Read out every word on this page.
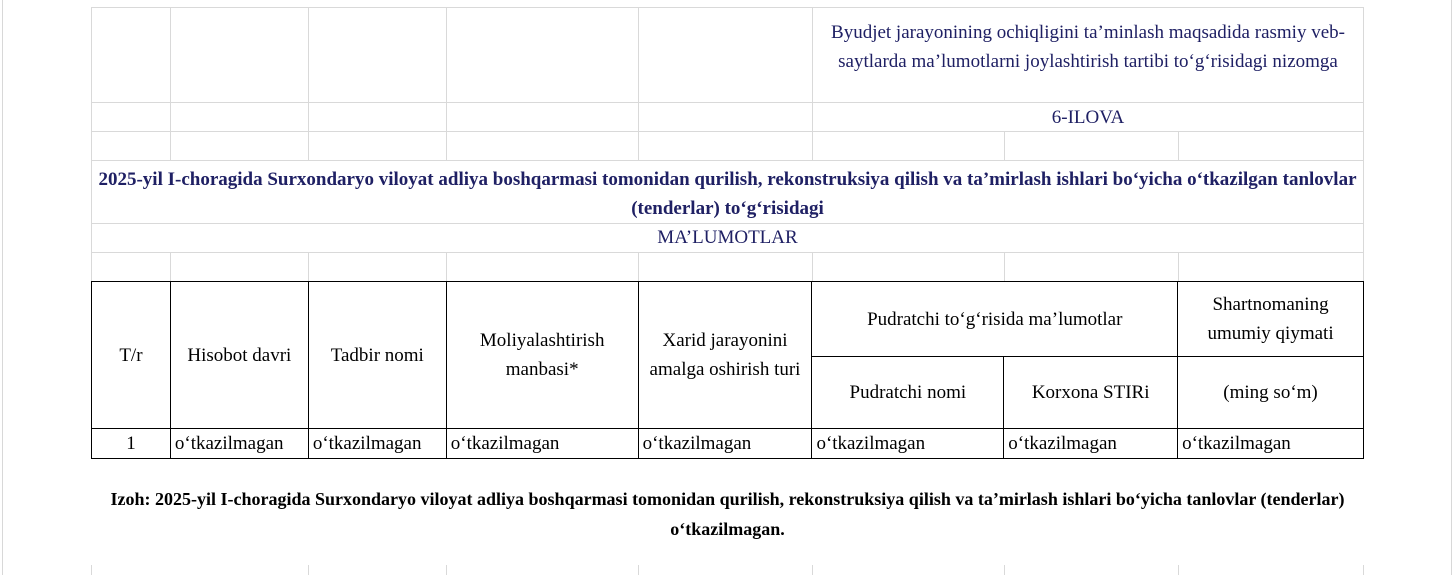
Byudjet jarayonining ochiqligini ta’minlash maqsadida rasmiy veb-saytlarda ma’lumotlarni joylashtirish tartibi to‘g‘risidagi nizomga
6-ILOVA
2025-yil I-choragida Surxondaryo viloyat adliya boshqarmasi tomonidan qurilish, rekonstruksiya qilish va ta’mirlash ishlari bo‘yicha o‘tkazilgan tanlovlar (tenderlar) to‘g‘risidagi
MA’LUMOTLAR
T/r	Hisobot davri	Tadbir nomi	Moliyalashtirish manbasi*	Xarid jarayonini amalga oshirish turi	Pudratchi to‘g‘risida ma’lumotlar		Shartnomaning umumiy qiymati
					Pudratchi nomi	Korxona STIRi	(ming so‘m)
1	o‘tkazilmagan	o‘tkazilmagan	o‘tkazilmagan	o‘tkazilmagan	o‘tkazilmagan	o‘tkazilmagan	o‘tkazilmagan
Izoh: 2025-yil I-choragida Surxondaryo viloyat adliya boshqarmasi tomonidan qurilish, rekonstruksiya qilish va ta’mirlash ishlari bo‘yicha tanlovlar (tenderlar) o‘tkazilmagan.
